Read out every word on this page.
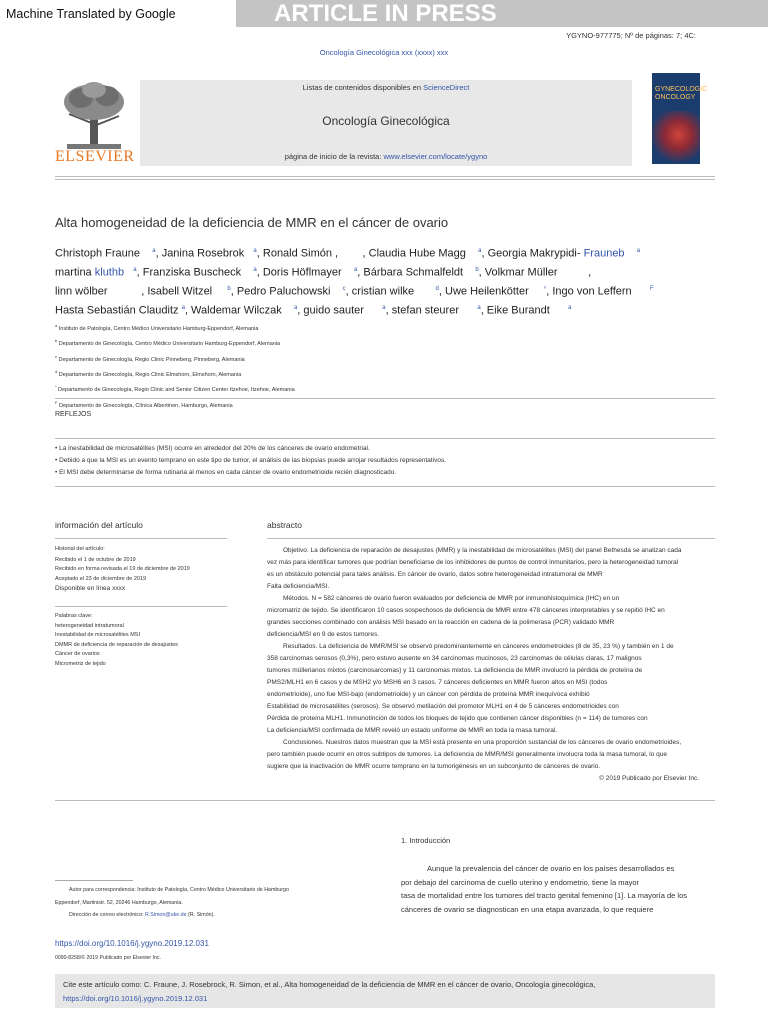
Machine Translated by Google	ARTICLE IN PRESS
YGYNO-977775; Nº de páginas: 7; 4C:
Oncología Ginecológica xxx (xxxx) xxx
ELSEVIER
Listas de contenidos disponibles en ScienceDirect
Oncología Ginecológica
página de inicio de la revista: www.elsevier.com/locate/ygyno
GYNECOLOGIC
ONCOLOGY
Alta homogeneidad de la deficiencia de MMR en el cáncer de ovario
Christoph Fraune $^a$, Janina Rosebrok $^a$, Ronald Simón , , Claudia Hube Magg $^a$, Georgia Makrypidi- Frauneb $^a$
martina kluthb $^a$, Franziska Buscheck $^a$, Doris Höflmayer $^a$, Bárbara Schmalfeldt $^b$, Volkmar Müller	,
linn wölber	, Isabell Witzel	$^b$, Pedro Paluchowski $^c$, cristian wilke	$^d$, Uwe Heilenkötter	$^{^n}$, Ingo von Leffern	$^F$
Hasta Sebastián Clauditz $^a$, Waldemar Wilczak $^a$, guido sauter	$^a$, stefan steurer	$^a$, Eike Burandt	$^a$
$^a$ Instituto de Patología, Centro Médico Universitario Hamburg-Eppendorf, Alemania
$^b$ Departamento de Ginecología, Centro Médico Universitario Hamburg-Eppendorf, Alemania
$^c$ Departamento de Ginecología, Regio Clinic Pinneberg, Pinneberg, Alemania
$^d$ Departamento de Ginecología, Regio Clinic Elmshorn, Elmshorn, Alemania
$^{^n}$ Departamento de Ginecología, Regio Clinic and Senior Citizen Center Itzehoe, Itzehoe, Alemania
$^F$ Departamento de Ginecología, Clínica Albertinen, Hamburgo, Alemania
REFLEJOS
• La inestabilidad de microsatélites (MSI) ocurre en alrededor del 20% de los cánceres de ovario endometrial.
• Debido a que la MSI es un evento temprano en este tipo de tumor, el análisis de las biopsias puede arrojar resultados representativos.
• El MSI debe determinarse de forma rutinaria al menos en cada cáncer de ovario endometrioide recién diagnosticado.
información del artículo	abstracto
Historial del artículo:
Recibido el 1 de octubre de 2019
Recibido en forma revisada el 19 de diciembre de 2019
Aceptado el 23 de diciembre de 2019
Disponible en línea xxxx
Palabras clave:
heterogeneidad intratumoral
Inestabilidad de microsatélites MSI
DMMR de deficiencia de reparación de desajustes
Cáncer de ovarios
Micrometriz de tejido

Objetivo. La deficiencia de reparación de desajustes (MMR) y la inestabilidad de microsatélites (MSI) del panel Bethesda se analizan cada

vez más para identificar tumores que podrían beneficiarse de los inhibidores de puntos de control inmunitarios, pero la heterogeneidad tumoral

es un obstáculo potencial para tales análisis. En cáncer de ovario, datos sobre heterogeneidad intratumoral de MMR

Falta deficiencia/MSI.

Métodos. N = 582 cánceres de ovario fueron evaluados por deficiencia de MMR por inmunohistoquímica (IHC) en un

micromatriz de tejido. Se identificaron 10 casos sospechosos de deficiencia de MMR entre 478 cánceres interpretables y se repitió IHC en

grandes secciones combinado con análisis MSI basado en la reacción en cadena de la polimerasa (PCR) validado MMR

deficiencia/MSI en 9 de estos tumores.

Resultados. La deficiencia de MMR/MSI se observó predominantemente en cánceres endometroides (8 de 35, 23 %) y también en 1 de

358 carcinomas serosos (0,3%), pero estuvo ausente en 34 carcinomas mucinosos, 23 carcinomas de células claras, 17 malignos

tumores müllerianos mixtos (carcinosarcomas) y 11 carcinomas mixtos. La deficiencia de MMR involucró la pérdida de proteína de

PMS2/MLH1 en 6 casos y de MSH2 y/o MSH6 en 3 casos. 7 cánceres deficientes en MMR fueron altos en MSI (todos

endometrioide), uno fue MSI-bajo (endometrioide) y un cáncer con pérdida de proteína MMR inequívoca exhibió

Estabilidad de microsatélites (serosos). Se observó metilación del promotor MLH1 en 4 de 5 cánceres endometrioides con

Pérdida de proteína MLH1. Inmunotinción de todos los bloques de tejido que contienen cáncer disponibles (n = 114) de tumores con

La deficiencia/MSI confirmada de MMR reveló un estado uniforme de MMR en toda la masa tumoral.

Conclusiones. Nuestros datos muestran que la MSI está presente en una proporción sustancial de los cánceres de ovario endometrioides,

pero también puede ocurrir en otros subtipos de tumores. La deficiencia de MMR/MSI generalmente involucra toda la masa tumoral, lo que

sugiere que la inactivación de MMR ocurre temprano en la tumorigénesis en un subconjunto de cánceres de ovario.

© 2019 Publicado por Elsevier Inc.

1. Introducción

Aunque la prevalencia del cáncer de ovario en los países desarrollados es

por debajo del carcinoma de cuello uterino y endometrio, tiene la mayor

tasa de mortalidad entre los tumores del tracto genital femenino [1]. La mayoría de los

cánceres de ovario se diagnostican en una etapa avanzada, lo que requiere

Autor para correspondencia: Instituto de Patología, Centro Médico Universitario de Hamburgo
Eppendorf, Martinistr. 52, 20246 Hamburgo, Alemania.
Dirección de correo electrónico: R.Simon@uke.de (R. Simón).
https://doi.org/10.1016/j.ygyno.2019.12.031
0090-8258/© 2019 Publicado por Elsevier Inc.
Cite este artículo como: C. Fraune, J. Rosebrock, R. Simon, et al., Alta homogeneidad de la deficiencia de MMR en el cáncer de ovario, Oncología ginecológica,
https://doi.org/10.1016/j.ygyno.2019.12.031
